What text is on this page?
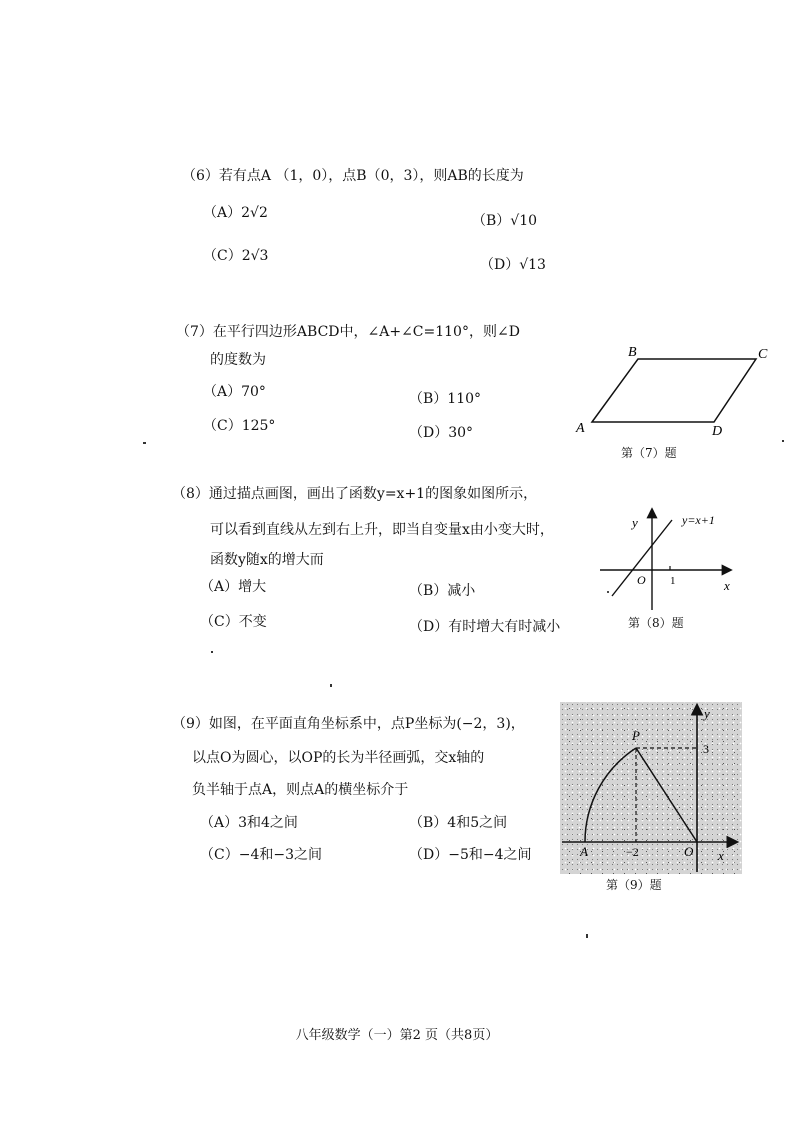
（6）若有点A （1，0），点B（0，3），则AB的长度为
（A）2√2	（B）√10
（C）2√3
（D）√13
（7）在平行四边形ABCD中，∠A+∠C=110°，则∠D
的度数为
（A）70°	（B）110°
（C）125°	（D）30°	A
B	C
D
第（7）题
（8）通过描点画图，画出了函数y=x+1的图象如图所示，
可以看到直线从左到右上升，即当自变量x由小变大时，
函数y随x的增大而
（A）增大	（B）减小
（C）不变	（D）有时增大有时减小
y
x
O 1
y=x+1
第（8）题
（9）如图，在平面直角坐标系中，点P坐标为(−2，3)，
以点O为圆心，以OP的长为半径画弧，交x轴的
负半轴于点A，则点A的横坐标介于
（A）3和4之间	（B）4和5之间
（C）−4和−3之间	（D）−5和−4之间
P
y
x
O
A
3
−2
第（9）题
八年级数学（一）第2 页（共8页）
